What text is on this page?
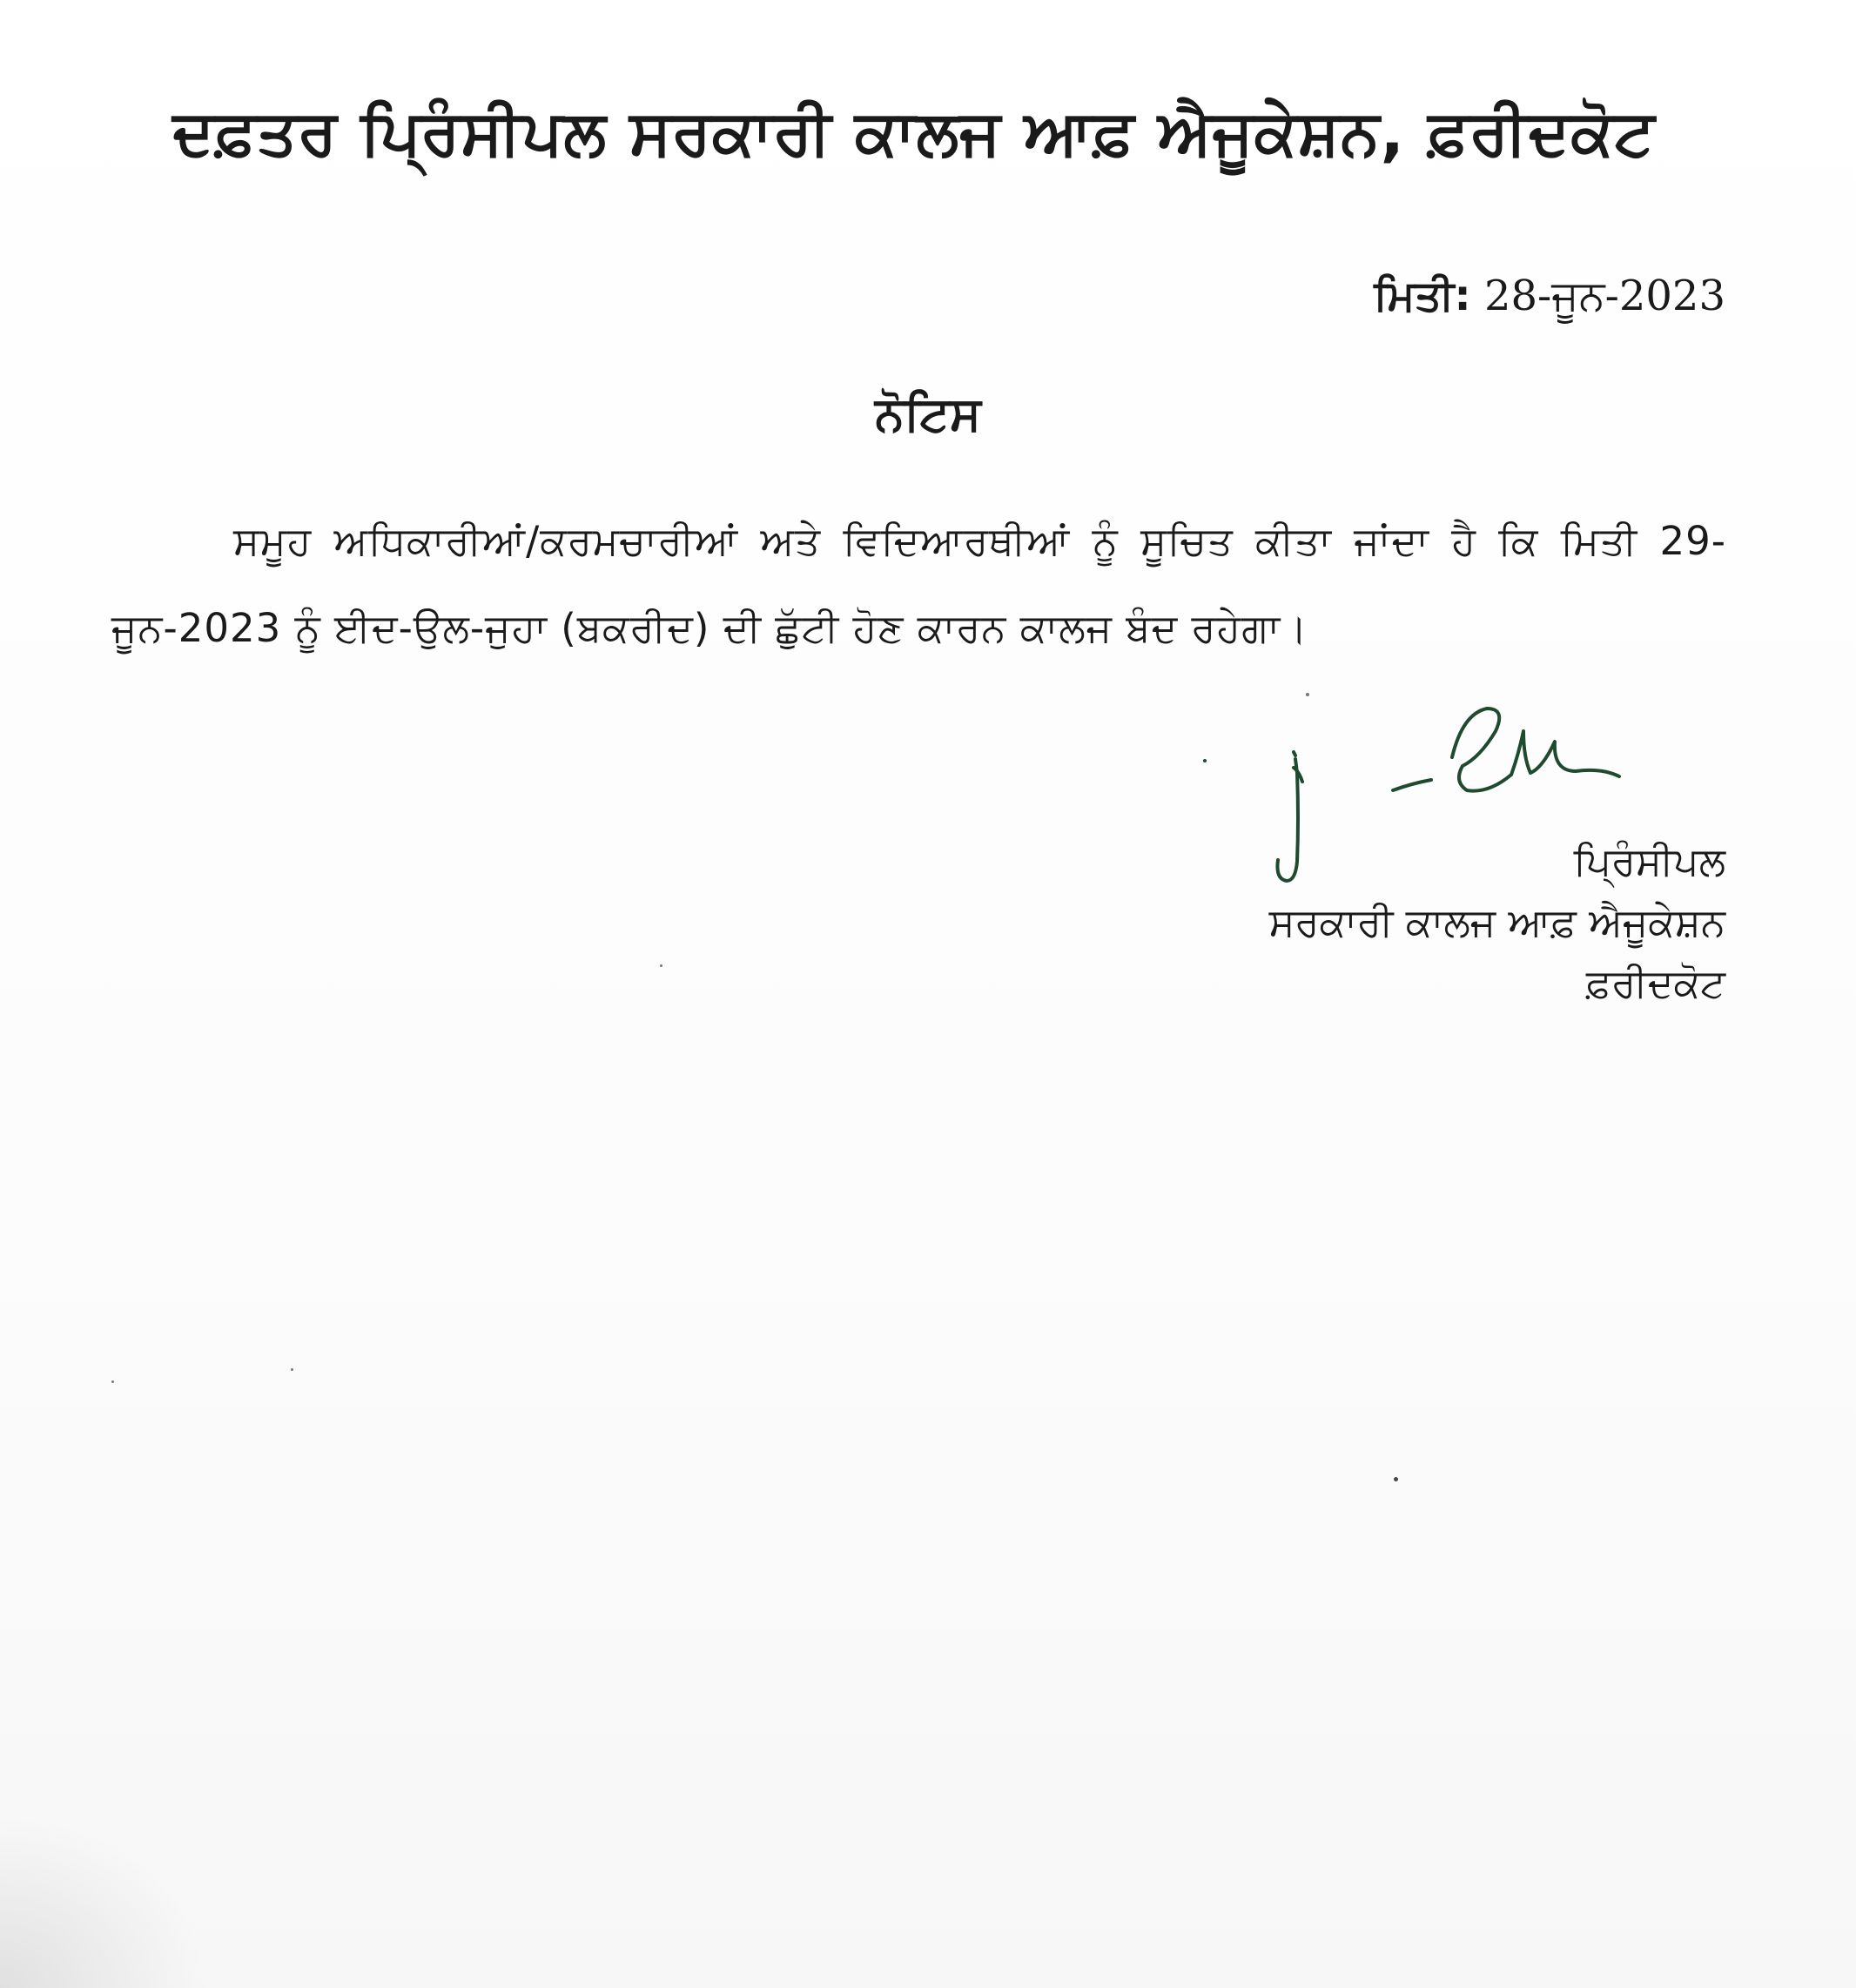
ਦਫ਼ਤਰ ਪ੍ਰਿੰਸੀਪਲ ਸਰਕਾਰੀ ਕਾਲਜ ਆਫ਼ ਐਜੂਕੇਸ਼ਨ, ਫ਼ਰੀਦਕੋਟ
ਮਿਤੀ: 28-ਜੂਨ-2023
ਨੋਟਿਸ
ਸਮੂਹ ਅਧਿਕਾਰੀਆਂ/ਕਰਮਚਾਰੀਆਂ ਅਤੇ ਵਿਦਿਆਰਥੀਆਂ ਨੂੰ ਸੂਚਿਤ ਕੀਤਾ ਜਾਂਦਾ ਹੈ ਕਿ ਮਿਤੀ 29-ਜੂਨ-2023 ਨੂੰ ਈਦ-ਉਲ-ਜੁਹਾ (ਬਕਰੀਦ) ਦੀ ਛੁੱਟੀ ਹੋਣ ਕਾਰਨ ਕਾਲਜ ਬੰਦ ਰਹੇਗਾ।
ਪ੍ਰਿੰਸੀਪਲ
ਸਰਕਾਰੀ ਕਾਲਜ ਆਫ਼ ਐਜੂਕੇਸ਼ਨ
ਫ਼ਰੀਦਕੋਟ
